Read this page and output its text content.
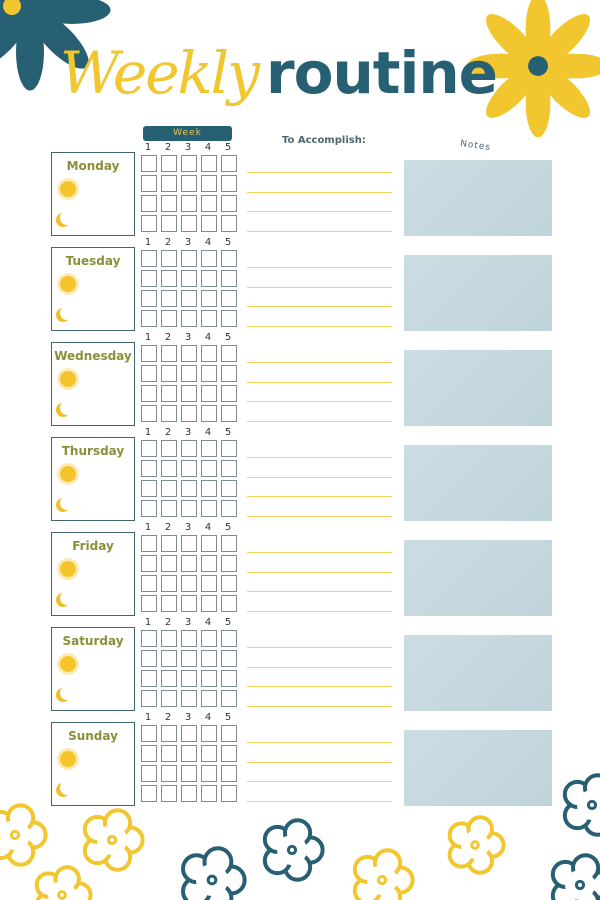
Weekly routine
Week
To Accomplish:	Notes
Monday
1	2	3	4	5
Tuesday
1	2	3	4	5
Wednesday
1	2	3	4	5
Thursday
1	2	3	4	5
Friday
1	2	3	4	5
Saturday
1	2	3	4	5
Sunday
1	2	3	4	5
